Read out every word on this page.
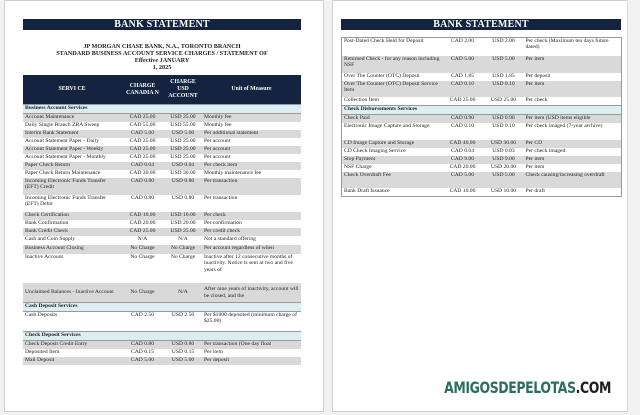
BANK STATEMENT
JP MORGAN CHASE BANK, N.A., TORONTO BRANCH
STANDARD BUSINESS ACCOUNT SERVICE CHARGES / STATEMENT OF
Effective JANUARY
1, 2025
SERVI CE	CHARGE CANADIA N	CHARGE USD ACCOUNT	Unit of Measure
Business Account Services			
Account Maintenance	CAD 25.00	USD 25.00	Monthly fee
Daily Single Branch ZBA Sweep	CAD 55.00	USD 55.00	Monthly fee
Interim Bank Statement	CAD 5.00	USD 5.00	Per additional statement
Account Statement Paper - Daily	CAD 25.00	USD 25.00	Per account
Account Statement Paper - Weekly	CAD 25.00	USD 25.00	Per account
Account Statement Paper - Monthly	CAD 25.00	USD 25.00	Per account
Paper Check Return	CAD 0.04	USD 0.04	Per check item
Paper Check Return Maintenance	CAD 30.00	USD 30.00	Monthly maintenance fee
Incoming Electronic Funds Transfer (EFT) Credit	CAD 0.80	USD 0.80	Per transaction
Incoming Electronic Funds Transfer (EFT) Debit	CAD 0.80	USD 0.80	Per transaction
Check Certification	CAD 10.00	USD 10.00	Per check
Bank Confirmation	CAD 20.00	USD 20.00	Per confirmation
Bank Credit Check	CAD 25.00	USD 25.00	Per credit check
Cash and Coin Supply	N/A	N/A	Not a standard offering
Business Account Closing	No Charge	No Charge	Per account regardless of when
Inactive Account	No Charge	No Charge	Inactive after 12 consecutive months of inactivity. Notice is sent at two and five years of
Unclaimed Balances - Inactive Account	No Charge	N/A	After nine years of inactivity, account will be closed, and the
Cash Deposit Services			
Cash Deposits	CAD 2.50	USD 2.50	Per $1000 deposited (minimum charge of $25.00)

Check Deposit Services			
Check Deposit Credit Entry	CAD 0.80	USD 0.80	Per transaction (One day float
Deposited Item	CAD 0.15	USD 0.15	Per item
Mail Deposit	CAD 5.00	USD 5.00	Per deposit
BANK STATEMENT
Post-Dated Check Held for Deposit	CAD 2.00	USD 2.00	Per check (Maximum ten days future dated)
Returned Check - for any reason including NSF	CAD 5.00	USD 5.00	Per item
Over The Counter (OTC) Deposit	CAD 1.85	USD 1.85	Per deposit
Over The Counter (OTC) Deposit Service Item	CAD 0.10	USD 0.10	Per item
Collection Item	CAD 25.00	USD 25.00	Per check
Check Disbursements Services			
Check Paid	CAD 0.90	USD 0.90	Per item (USD items eligible
Electronic Image Capture and Storage	CAD 0.10	USD 0.10	Per check imaged (7-year archive)
CD Image Capture and Storage	CAD 40.00	USD 30.00	Per CD
CD Check Imaging Service	CAD 0.04	USD 0.03	Per check imaged
Stop Payment	CAD 9.00	USD 9.00	Per item
NSF Charge	CAD 20.00	USD 20.00	Per item
Check Overdraft Fee	CAD 5.00	USD 5.00	Check causing/increasing overdraft
Bank Draft Issuance	CAD 10.00	USD 10.00	Per draft
AMIGOSDEPELOTAS.COM
